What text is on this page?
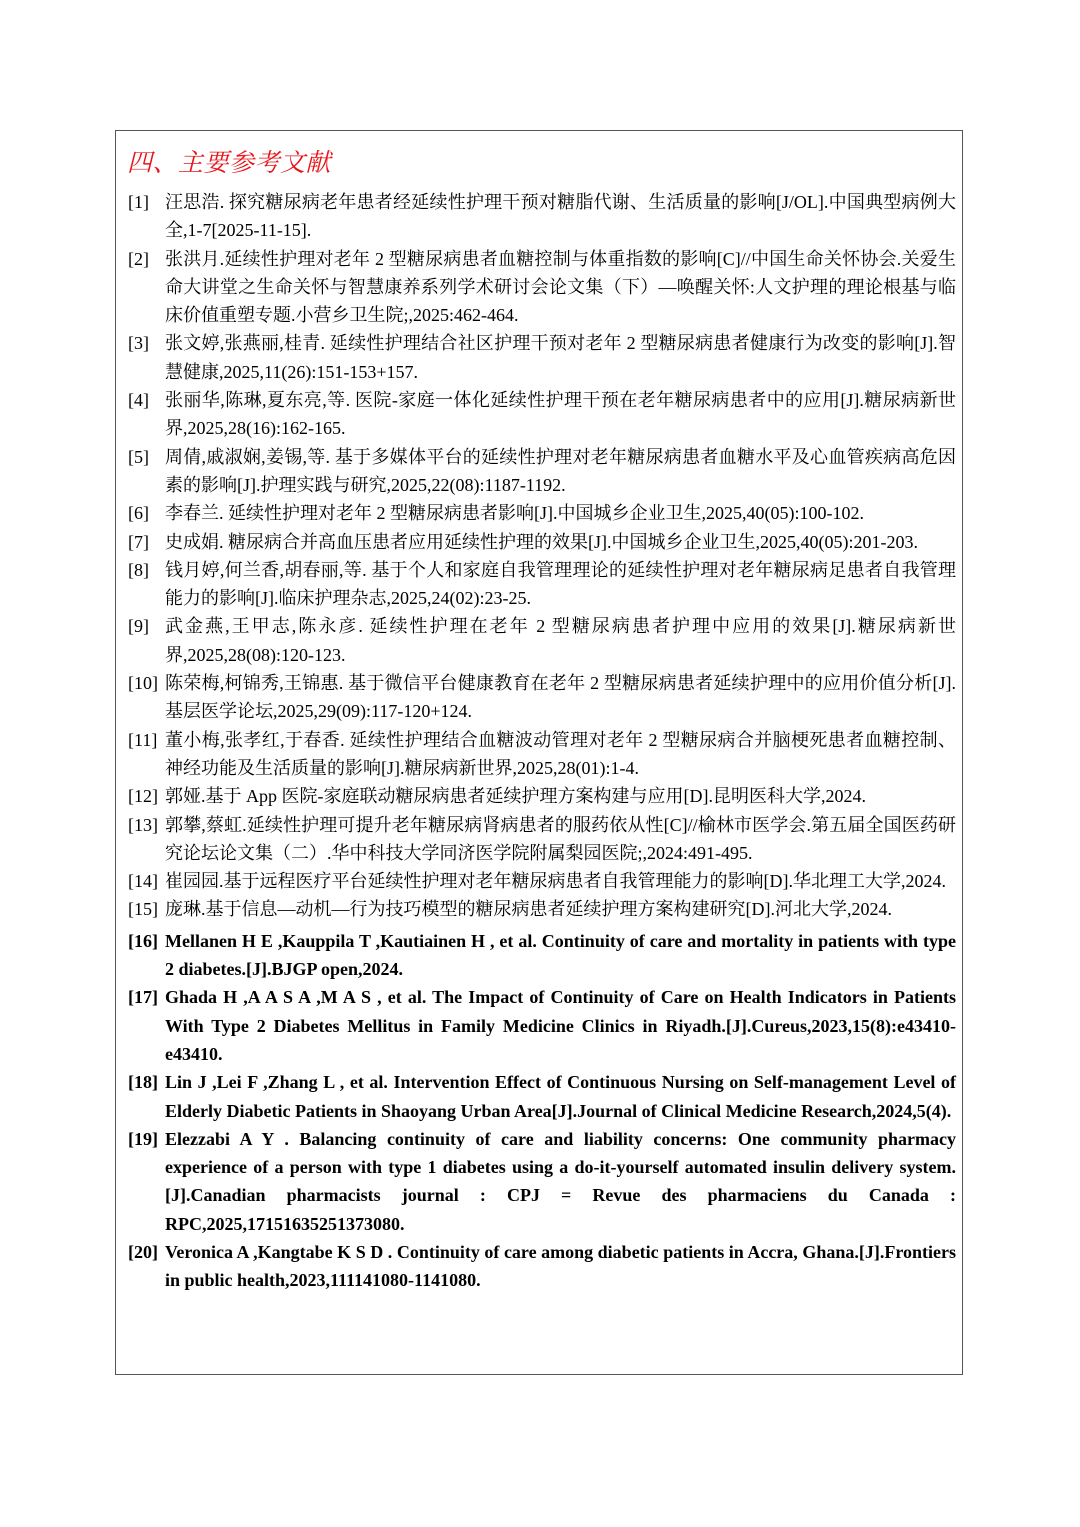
四、主要参考文献
[1] 汪思浩. 探究糖尿病老年患者经延续性护理干预对糖脂代谢、生活质量的影响[J/OL].中国典型病例大全,1-7[2025-11-15].
[2] 张洪月.延续性护理对老年 2 型糖尿病患者血糖控制与体重指数的影响[C]//中国生命关怀协会.关爱生命大讲堂之生命关怀与智慧康养系列学术研讨会论文集（下）—唤醒关怀:人文护理的理论根基与临床价值重塑专题.小营乡卫生院;,2025:462-464.
[3] 张文婷,张燕丽,桂青. 延续性护理结合社区护理干预对老年 2 型糖尿病患者健康行为改变的影响[J].智慧健康,2025,11(26):151-153+157.
[4] 张丽华,陈琳,夏东亮,等. 医院-家庭一体化延续性护理干预在老年糖尿病患者中的应用[J].糖尿病新世界,2025,28(16):162-165.
[5] 周倩,戚淑娴,姜锡,等. 基于多媒体平台的延续性护理对老年糖尿病患者血糖水平及心血管疾病高危因素的影响[J].护理实践与研究,2025,22(08):1187-1192.
[6] 李春兰. 延续性护理对老年 2 型糖尿病患者影响[J].中国城乡企业卫生,2025,40(05):100-102.
[7] 史成娟. 糖尿病合并高血压患者应用延续性护理的效果[J].中国城乡企业卫生,2025,40(05):201-203.
[8] 钱月婷,何兰香,胡春丽,等. 基于个人和家庭自我管理理论的延续性护理对老年糖尿病足患者自我管理能力的影响[J].临床护理杂志,2025,24(02):23-25.
[9] 武金燕,王甲志,陈永彦. 延续性护理在老年 2 型糖尿病患者护理中应用的效果[J].糖尿病新世界,2025,28(08):120-123.
[10] 陈荣梅,柯锦秀,王锦惠. 基于微信平台健康教育在老年 2 型糖尿病患者延续护理中的应用价值分析[J].基层医学论坛,2025,29(09):117-120+124.
[11] 董小梅,张孝红,于春香. 延续性护理结合血糖波动管理对老年 2 型糖尿病合并脑梗死患者血糖控制、神经功能及生活质量的影响[J].糖尿病新世界,2025,28(01):1-4.
[12] 郭娅.基于 App 医院-家庭联动糖尿病患者延续护理方案构建与应用[D].昆明医科大学,2024.
[13] 郭攀,蔡虹.延续性护理可提升老年糖尿病肾病患者的服药依从性[C]//榆林市医学会.第五届全国医药研究论坛论文集（二）.华中科技大学同济医学院附属梨园医院;,2024:491-495.
[14] 崔园园.基于远程医疗平台延续性护理对老年糖尿病患者自我管理能力的影响[D].华北理工大学,2024.
[15] 庞琳.基于信息—动机—行为技巧模型的糖尿病患者延续护理方案构建研究[D].河北大学,2024.
[16] Mellanen H E ,Kauppila T ,Kautiainen H , et al. Continuity of care and mortality in patients with type 2 diabetes.[J].BJGP open,2024.
[17] Ghada H ,A A S A ,M A S , et al. The Impact of Continuity of Care on Health Indicators in Patients With Type 2 Diabetes Mellitus in Family Medicine Clinics in Riyadh.[J].Cureus,2023,15(8):e43410-e43410.
[18] Lin J ,Lei F ,Zhang L , et al. Intervention Effect of Continuous Nursing on Self-management Level of Elderly Diabetic Patients in Shaoyang Urban Area[J].Journal of Clinical Medicine Research,2024,5(4).
[19] Elezzabi A Y . Balancing continuity of care and liability concerns: One community pharmacy experience of a person with type 1 diabetes using a do-it-yourself automated insulin delivery system.[J].Canadian pharmacists journal : CPJ = Revue des pharmaciens du Canada : RPC,2025,17151635251373080.
[20] Veronica A ,Kangtabe K S D . Continuity of care among diabetic patients in Accra, Ghana.[J].Frontiers in public health,2023,111141080-1141080.
